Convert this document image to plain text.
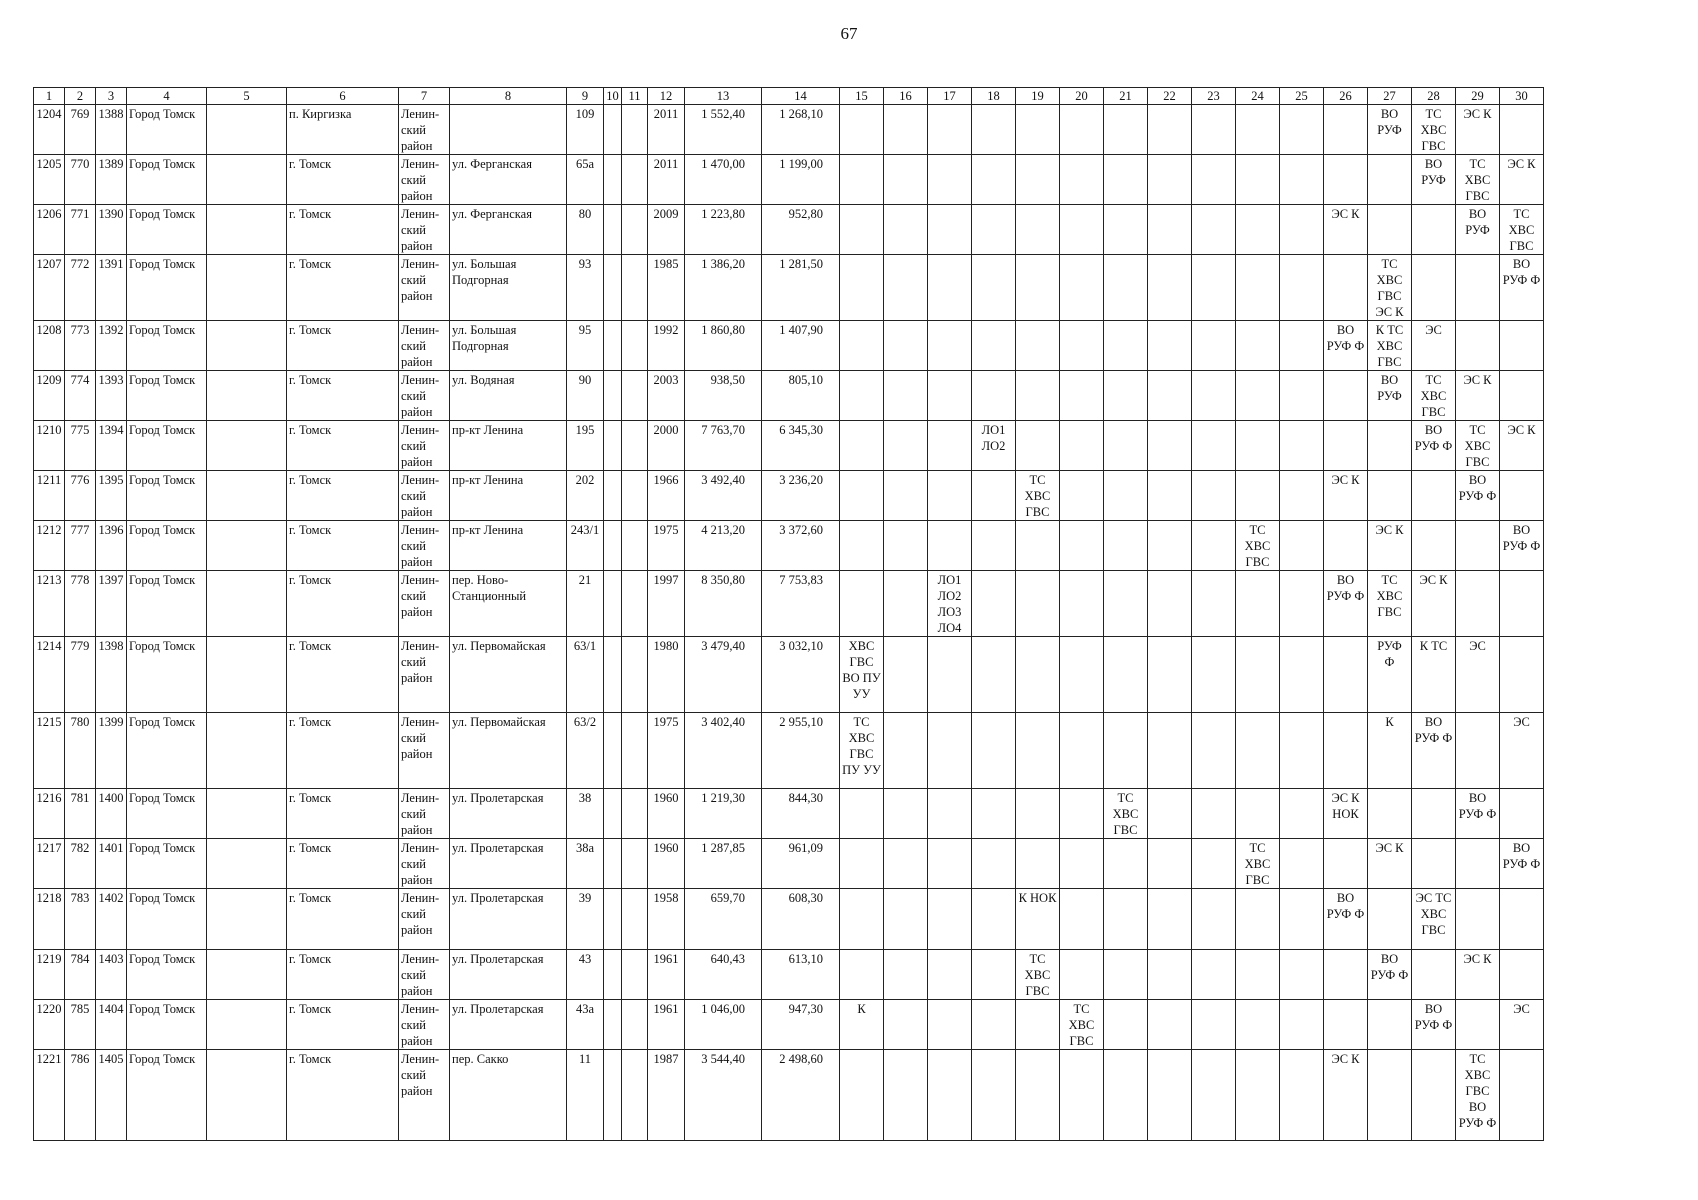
67
1	2	3	4	5	6	7	8	9	10	11	12	13	14	15	16	17	18	19	20	21	22	23	24	25	26	27	28	29	30
1204	769	1388	Город Томск		п. Киргизка	Ленин-
ский
район		109			2011	1 552,40	1 268,10													ВО
РУФ	ТС
ХВС
ГВС	ЭС К	

1205	770	1389	Город Томск		г. Томск	Ленин-
ский
район	ул. Ферганская	65а			2011	1 470,00	1 199,00														ВО
РУФ	ТС
ХВС
ГВС	ЭС К

1206	771	1390	Город Томск		г. Томск	Ленин-
ский
район	ул. Ферганская	80			2009	1 223,80	952,80												ЭС К			ВО
РУФ	ТС
ХВС
ГВС

1207	772	1391	Город Томск		г. Томск	Ленин-
ский
район	ул. Большая
Подгорная	93			1985	1 386,20	1 281,50													ТС
ХВС
ГВС
ЭС К			ВО
РУФ Ф

1208	773	1392	Город Томск		г. Томск	Ленин-
ский
район	ул. Большая
Подгорная	95			1992	1 860,80	1 407,90												ВО
РУФ Ф	К ТС
ХВС
ГВС	ЭС		

1209	774	1393	Город Томск		г. Томск	Ленин-
ский
район	ул. Водяная	90			2003	938,50	805,10													ВО
РУФ	ТС
ХВС
ГВС	ЭС К	

1210	775	1394	Город Томск		г. Томск	Ленин-
ский
район	пр-кт Ленина	195			2000	7 763,70	6 345,30				ЛО1
ЛО2										ВО
РУФ Ф	ТС
ХВС
ГВС	ЭС К

1211	776	1395	Город Томск		г. Томск	Ленин-
ский
район	пр-кт Ленина	202			1966	3 492,40	3 236,20					ТС
ХВС
ГВС							ЭС К			ВО
РУФ Ф	

1212	777	1396	Город Томск		г. Томск	Ленин-
ский
район	пр-кт Ленина	243/1			1975	4 213,20	3 372,60										ТС
ХВС
ГВС			ЭС К			ВО
РУФ Ф

1213	778	1397	Город Томск		г. Томск	Ленин-
ский
район	пер. Ново-
Станционный	21			1997	8 350,80	7 753,83			ЛО1
ЛО2
ЛО3
ЛО4									ВО
РУФ Ф	ТС
ХВС
ГВС	ЭС К		

1214	779	1398	Город Томск		г. Томск	Ленин-
ский
район	ул. Первомайская	63/1			1980	3 479,40	3 032,10	ХВС
ГВС
ВО ПУ
УУ												РУФ
Ф	К ТС	ЭС	

1215	780	1399	Город Томск		г. Томск	Ленин-
ский
район	ул. Первомайская	63/2			1975	3 402,40	2 955,10	ТС
ХВС
ГВС
ПУ УУ												К	ВО
РУФ Ф		ЭС

1216	781	1400	Город Томск		г. Томск	Ленин-
ский
район	ул. Пролетарская	38			1960	1 219,30	844,30							ТС
ХВС
ГВС					ЭС К
НОК			ВО
РУФ Ф	

1217	782	1401	Город Томск		г. Томск	Ленин-
ский
район	ул. Пролетарская	38а			1960	1 287,85	961,09										ТС
ХВС
ГВС			ЭС К			ВО
РУФ Ф

1218	783	1402	Город Томск		г. Томск	Ленин-
ский
район	ул. Пролетарская	39			1958	659,70	608,30					К НОК							ВО
РУФ Ф		ЭС ТС
ХВС
ГВС		

1219	784	1403	Город Томск		г. Томск	Ленин-
ский
район	ул. Пролетарская	43			1961	640,43	613,10					ТС
ХВС
ГВС								ВО
РУФ Ф		ЭС К	

1220	785	1404	Город Томск		г. Томск	Ленин-
ский
район	ул. Пролетарская	43а			1961	1 046,00	947,30	К					ТС
ХВС
ГВС								ВО
РУФ Ф		ЭС

1221	786	1405	Город Томск		г. Томск	Ленин-
ский
район	пер. Сакко	11			1987	3 544,40	2 498,60												ЭС К			ТС
ХВС
ГВС
ВО
РУФ Ф	
